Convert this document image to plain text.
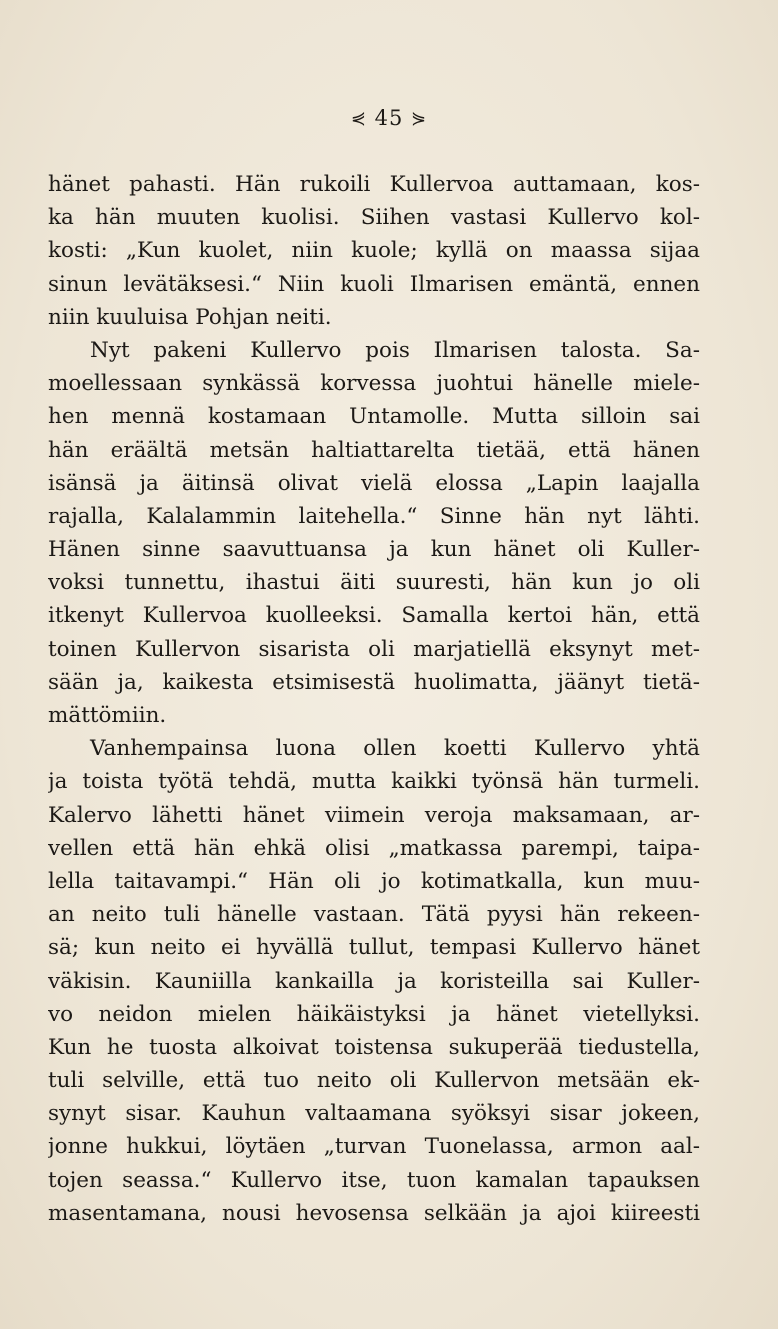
⋞ 45 ⋟
hänet pahasti. Hän rukoili Kullervoa auttamaan, kos-
ka hän muuten kuolisi. Siihen vastasi Kullervo kol-
kosti: „Kun kuolet, niin kuole; kyllä on maassa sijaa
sinun levätäksesi.“ Niin kuoli Ilmarisen emäntä, ennen
niin kuuluisa Pohjan neiti.
Nyt pakeni Kullervo pois Ilmarisen talosta. Sa-
moellessaan synkässä korvessa juohtui hänelle miele-
hen mennä kostamaan Untamolle. Mutta silloin sai
hän eräältä metsän haltiattarelta tietää, että hänen
isänsä ja äitinsä olivat vielä elossa „Lapin laajalla
rajalla, Kalalammin laitehella.“ Sinne hän nyt lähti.
Hänen sinne saavuttuansa ja kun hänet oli Kuller-
voksi tunnettu, ihastui äiti suuresti, hän kun jo oli
itkenyt Kullervoa kuolleeksi. Samalla kertoi hän, että
toinen Kullervon sisarista oli marjatiellä eksynyt met-
sään ja, kaikesta etsimisestä huolimatta, jäänyt tietä-
mättömiin.
Vanhempainsa luona ollen koetti Kullervo yhtä
ja toista työtä tehdä, mutta kaikki työnsä hän turmeli.
Kalervo lähetti hänet viimein veroja maksamaan, ar-
vellen että hän ehkä olisi „matkassa parempi, taipa-
lella taitavampi.“ Hän oli jo kotimatkalla, kun muu-
an neito tuli hänelle vastaan. Tätä pyysi hän rekeen-
sä; kun neito ei hyvällä tullut, tempasi Kullervo hänet
väkisin. Kauniilla kankailla ja koristeilla sai Kuller-
vo neidon mielen häikäistyksi ja hänet vietellyksi.
Kun he tuosta alkoivat toistensa sukuperää tiedustella,
tuli selville, että tuo neito oli Kullervon metsään ek-
synyt sisar. Kauhun valtaamana syöksyi sisar jokeen,
jonne hukkui, löytäen „turvan Tuonelassa, armon aal-
tojen seassa.“ Kullervo itse, tuon kamalan tapauksen
masentamana, nousi hevosensa selkään ja ajoi kiireesti
